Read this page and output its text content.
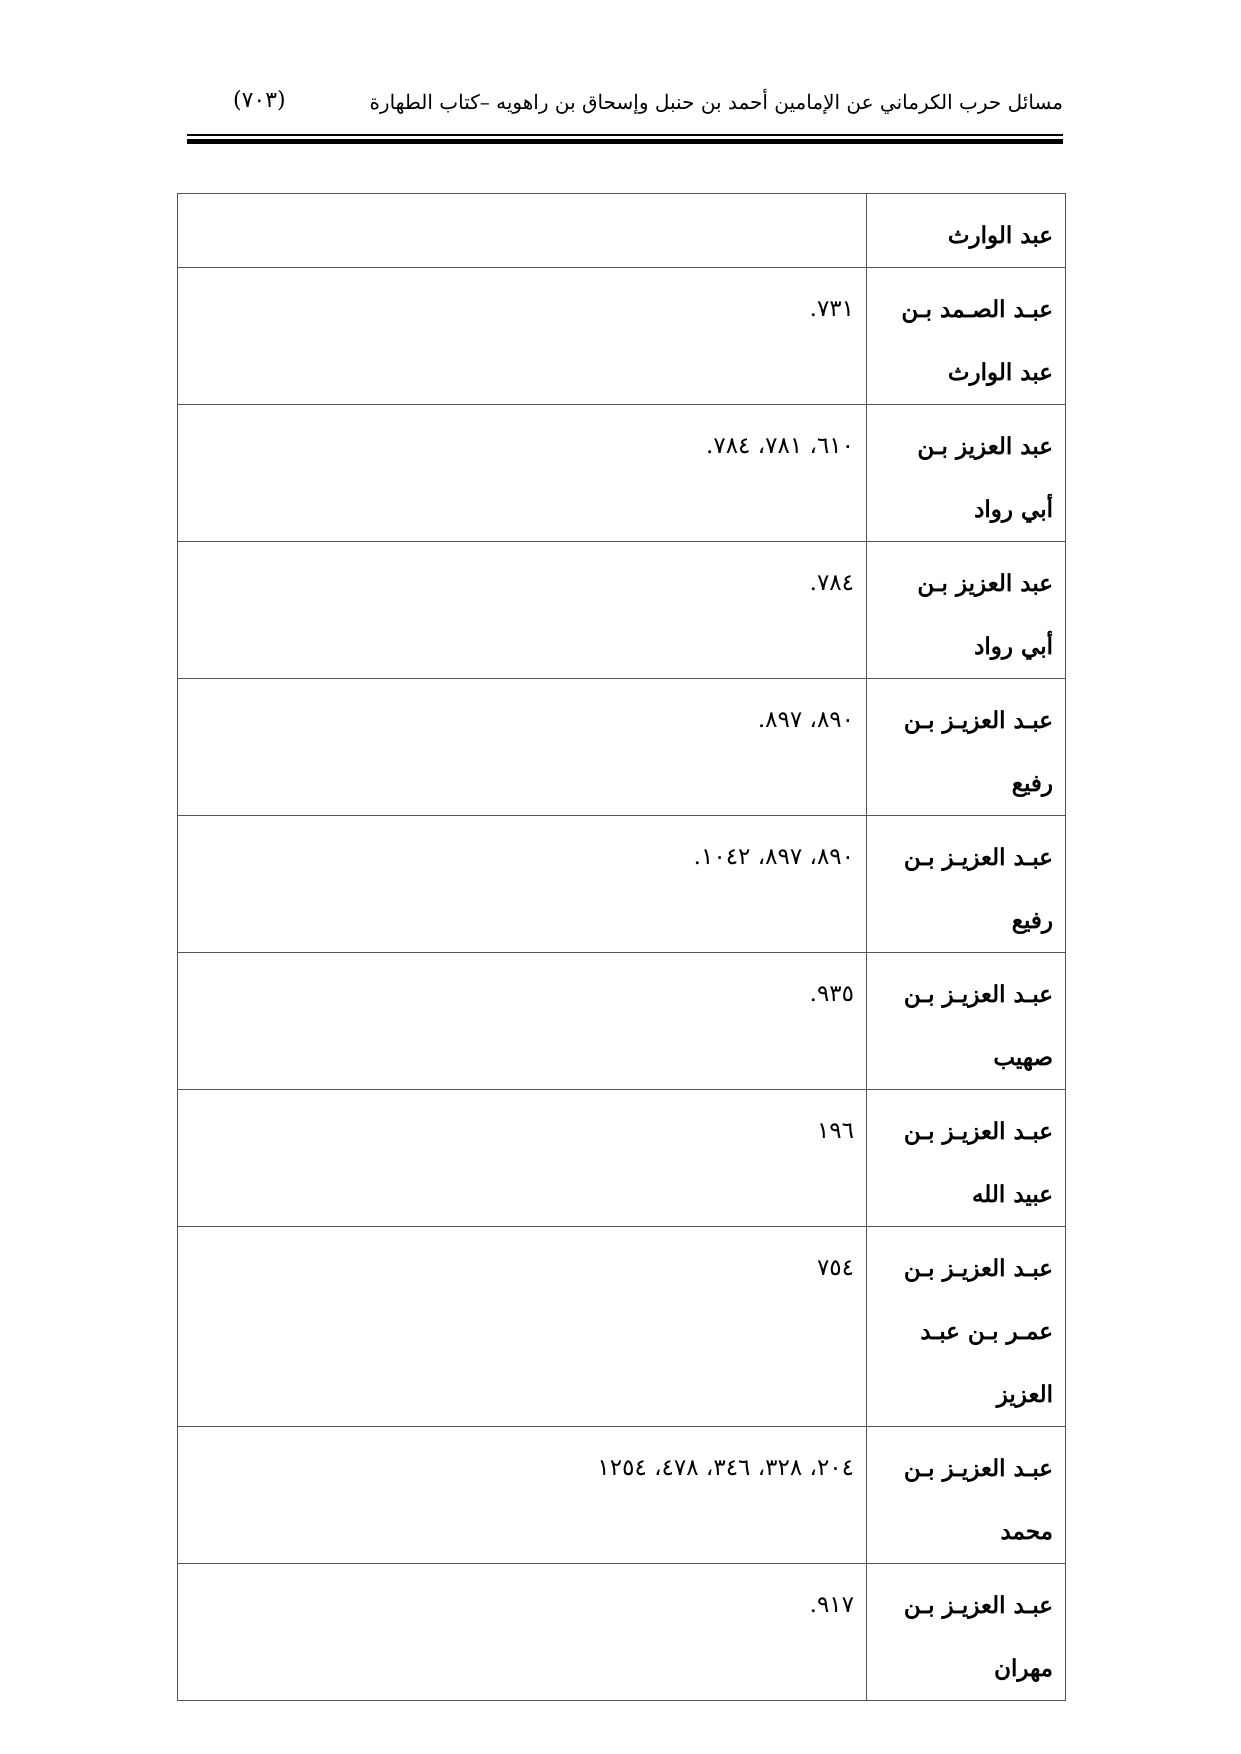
مسائل حرب الكرماني عن الإمامين أحمد بن حنبل وإسحاق بن راهويه –كتاب الطهارة
(٧٠٣)
عبد الوارث	
عبـد الصـمد بـن عبد الوارث	٧٣١.
عبد العزيز بـن أبي رواد	٦١٠، ٧٨١، ٧٨٤.
عبد العزيز بـن أبي رواد	٧٨٤.
عبـد العزيـز بـن رفيع	٨٩٠، ٨٩٧.
عبـد العزيـز بـن رفيع	٨٩٠، ٨٩٧، ١٠٤٢.
عبـد العزيـز بـن صهيب	٩٣٥.
عبـد العزيـز بـن عبيد الله	١٩٦
عبـد العزيـز بـن عمـر بـن عبـد العزيز	٧٥٤
عبـد العزيـز بـن محمد	٢٠٤، ٣٢٨، ٣٤٦، ٤٧٨، ١٢٥٤
عبـد العزيـز بـن مهران	٩١٧.
